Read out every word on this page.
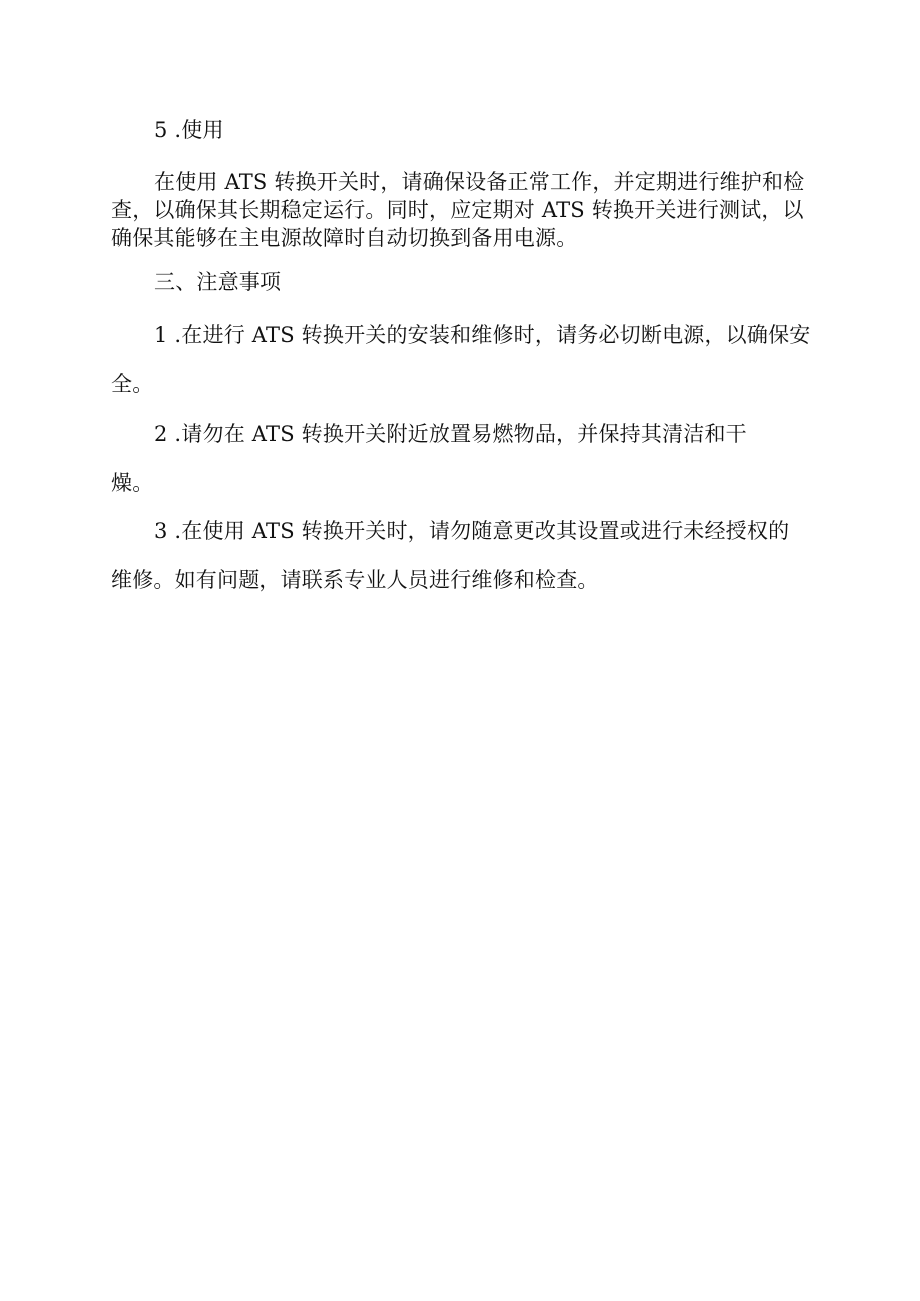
5 .使用

在使用 ATS 转换开关时，请确保设备正常工作，并定期进行维护和检

查，以确保其长期稳定运行。同时，应定期对 ATS 转换开关进行测试，以

确保其能够在主电源故障时自动切换到备用电源。

三、注意事项

1 .在进行 ATS 转换开关的安装和维修时，请务必切断电源，以确保安

全。

2 .请勿在 ATS 转换开关附近放置易燃物品，并保持其清洁和干

燥。

3 .在使用 ATS 转换开关时，请勿随意更改其设置或进行未经授权的

维修。如有问题，请联系专业人员进行维修和检查。
